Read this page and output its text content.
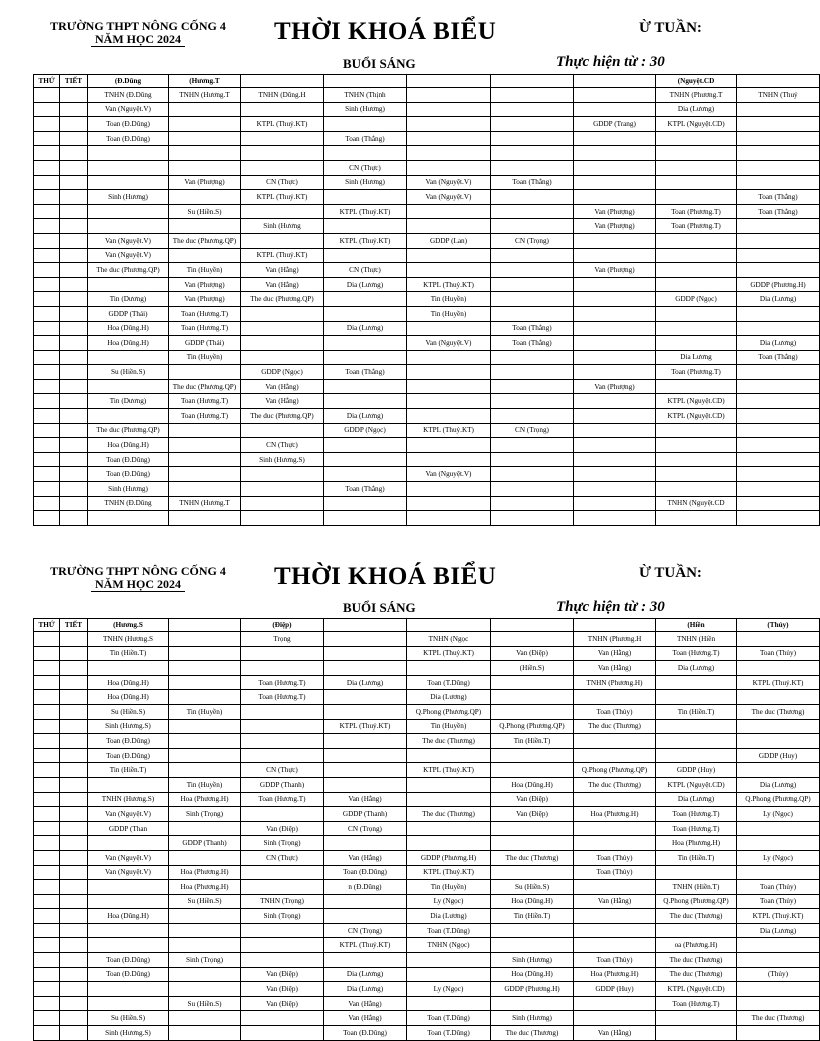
TRƯỜNG THPT NÔNG CỐNG 4
NĂM HỌC 2024	THỜI KHOÁ BIỂU	Ừ TUẦN:
BUỔI SÁNG	Thực hiện từ : 30
THỨ	TIẾT	(Đ.Dũng	(Hương.T						(Nguyệt.CD	
		TNHN (Đ.Dũng	TNHN (Hương.T	TNHN (Dũng.H	TNHN (Thịnh				TNHN (Phương.T	TNHN (Thuỷ
		Van (Nguyệt.V)			Sinh (Hương)				Dia (Lương)	
		Toan (Đ.Dũng)		KTPL (Thuỷ.KT)				GDDP (Trang)	KTPL (Nguyệt.CD)	
		Toan (Đ.Dũng)			Toan (Thắng)					

					CN (Thực)					
			Van (Phượng)	CN (Thực)	Sinh (Hương)	Van (Nguyệt.V)	Toan (Thắng)			
		Sinh (Hương)		KTPL (Thuỷ.KT)		Van (Nguyệt.V)				Toan (Thắng)
			Su (Hiền.S)		KTPL (Thuỷ.KT)			Van (Phượng)	Toan (Phương.T)	Toan (Thắng)
				Sinh (Hương				Van (Phượng)	Toan (Phương.T)	
		Van (Nguyệt.V)	The duc (Phương.QP)		KTPL (Thuỷ.KT)	GDDP (Lan)	CN (Trọng)			
		Van (Nguyệt.V)		KTPL (Thuỷ.KT)						
		The duc (Phương.QP)	Tin (Huyền)	Van (Hằng)	CN (Thực)			Van (Phượng)		
			Van (Phượng)	Van (Hằng)	Dia (Lương)	KTPL (Thuỷ.KT)				GDDP (Phương.H)
		Tin (Dương)	Van (Phượng)	The duc (Phương.QP)		Tin (Huyền)			GDDP (Ngọc)	Dia (Lương)
		GDDP (Thái)	Toan (Hương.T)			Tin (Huyền)				
		Hoa (Dũng.H)	Toan (Hương.T)		Dia (Lương)		Toan (Thắng)			
		Hoa (Dũng.H)	GDDP (Thái)			Van (Nguyệt.V)	Toan (Thắng)			Dia (Lương)
			Tin (Huyền)						Dia Lương	Toan (Thắng)
		Su (Hiền.S)		GDDP (Ngọc)	Toan (Thắng)				Toan (Phương.T)	
			The duc (Phương.QP)	Van (Hằng)				Van (Phượng)		
		Tin (Dương)	Toan (Hương.T)	Van (Hằng)					KTPL (Nguyệt.CD)	
			Toan (Hương.T)	The duc (Phương.QP)	Dia (Lương)				KTPL (Nguyệt.CD)	
		The duc (Phương.QP)			GDDP (Ngọc)	KTPL (Thuỷ.KT)	CN (Trọng)			
		Hoa (Dũng.H)		CN (Thực)						
		Toan (Đ.Dũng)		Sinh (Hương.S)						
		Toan (Đ.Dũng)				Van (Nguyệt.V)				
		Sinh (Hương)			Toan (Thắng)					
		TNHN (Đ.Dũng	TNHN (Hương.T						TNHN (Nguyệt.CD	

TRƯỜNG THPT NÔNG CỐNG 4
NĂM HỌC 2024	THỜI KHOÁ BIỂU	Ừ TUẦN:
BUỔI SÁNG	Thực hiện từ : 30
THỨ	TIẾT	(Hương.S		(Điệp)					(Hiền	(Thủy)
		TNHN (Hương.S		Trọng		TNHN (Ngọc		TNHN (Phương.H	TNHN (Hiền	
		Tin (Hiền.T)				KTPL (Thuỷ.KT)	Van (Điệp)	Van (Hằng)	Toan (Hương.T)	Toan (Thủy)
							(Hiền.S)	Van (Hằng)	Dia (Lương)	
		Hoa (Dũng.H)		Toan (Hương.T)	Dia (Lương)	Toan (T.Dũng)		TNHN (Phương.H)		KTPL (Thuỷ.KT)
		Hoa (Dũng.H)		Toan (Hương.T)		Dia (Lương)				
		Su (Hiền.S)	Tin (Huyền)			Q.Phong (Phương.QP)		Toan (Thủy)	Tin (Hiền.T)	The duc (Thương)
		Sinh (Hương.S)			KTPL (Thuỷ.KT)	Tin (Huyền)	Q.Phong (Phương.QP)	The duc (Thương)		
		Toan (Đ.Dũng)				The duc (Thương)	Tin (Hiền.T)			
		Toan (Đ.Dũng)								GDDP (Huy)
		Tin (Hiền.T)		CN (Thực)		KTPL (Thuỷ.KT)		Q.Phong (Phương.QP)	GDDP (Huy)	
			Tin (Huyền)	GDDP (Thanh)			Hoa (Dũng.H)	The duc (Thương)	KTPL (Nguyệt.CD)	Dia (Lương)
		TNHN (Hương.S)	Hoa (Phương.H)	Toan (Hương.T)	Van (Hằng)		Van (Điệp)		Dia (Lương)	Q.Phong (Phương.QP)
		Van (Nguyệt.V)	Sinh (Trọng)		GDDP (Thanh)	The duc (Thương)	Van (Điệp)	Hoa (Phương.H)	Toan (Hương.T)	Ly (Ngọc)
		GDDP (Than		Van (Điệp)	CN (Trọng)				Toan (Hương.T)	
			GDDP (Thanh)	Sinh (Trọng)					Hoa (Phương.H)	
		Van (Nguyệt.V)		CN (Thực)	Van (Hằng)	GDDP (Phương.H)	The duc (Thương)	Toan (Thủy)	Tin (Hiền.T)	Ly (Ngọc)
		Van (Nguyệt.V)	Hoa (Phương.H)		Toan (Đ.Dũng)	KTPL (Thuỷ.KT)		Toan (Thủy)		
			Hoa (Phương.H)		n (Đ.Dũng)	Tin (Huyền)	Su (Hiền.S)		TNHN (Hiền.T)	Toan (Thủy)
			Su (Hiền.S)	TNHN (Trọng)		Ly (Ngọc)	Hoa (Dũng.H)	Van (Hằng)	Q.Phong (Phương.QP)	Toan (Thủy)
		Hoa (Dũng.H)		Sinh (Trọng)		Dia (Lương)	Tin (Hiền.T)		The duc (Thương)	KTPL (Thuỷ.KT)
					CN (Trọng)	Toan (T.Dũng)				Dia (Lương)
					KTPL (Thuỷ.KT)	TNHN (Ngọc)			oa (Phương.H)	
		Toan (Đ.Dũng)	Sinh (Trọng)				Sinh (Hương)	Toan (Thủy)	The duc (Thương)	
		Toan (Đ.Dũng)		Van (Điệp)	Dia (Lương)		Hoa (Dũng.H)	Hoa (Phương.H)	The duc (Thương)	(Thủy)
				Van (Điệp)	Dia (Lương)	Ly (Ngọc)	GDDP (Phương.H)	GDDP (Huy)	KTPL (Nguyệt.CD)	
			Su (Hiền.S)	Van (Điệp)	Van (Hằng)				Toan (Hương.T)	
		Su (Hiền.S)			Van (Hằng)	Toan (T.Dũng)	Sinh (Hương)			The duc (Thương)
		Sinh (Hương.S)			Toan (Đ.Dũng)	Toan (T.Dũng)	The duc (Thương)	Van (Hằng)		
